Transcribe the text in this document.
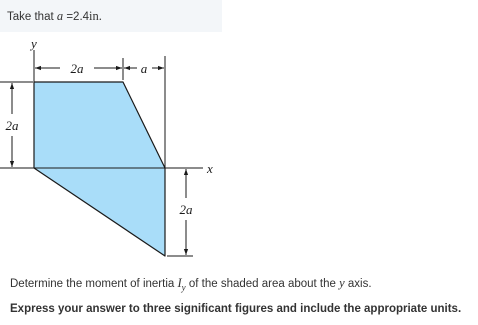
Take that a =2.4in.
y
x
2a	a
2a
2a
Determine the moment of inertia $I_y$ of the shaded area about the y axis.
Express your answer to three significant figures and include the appropriate units.
